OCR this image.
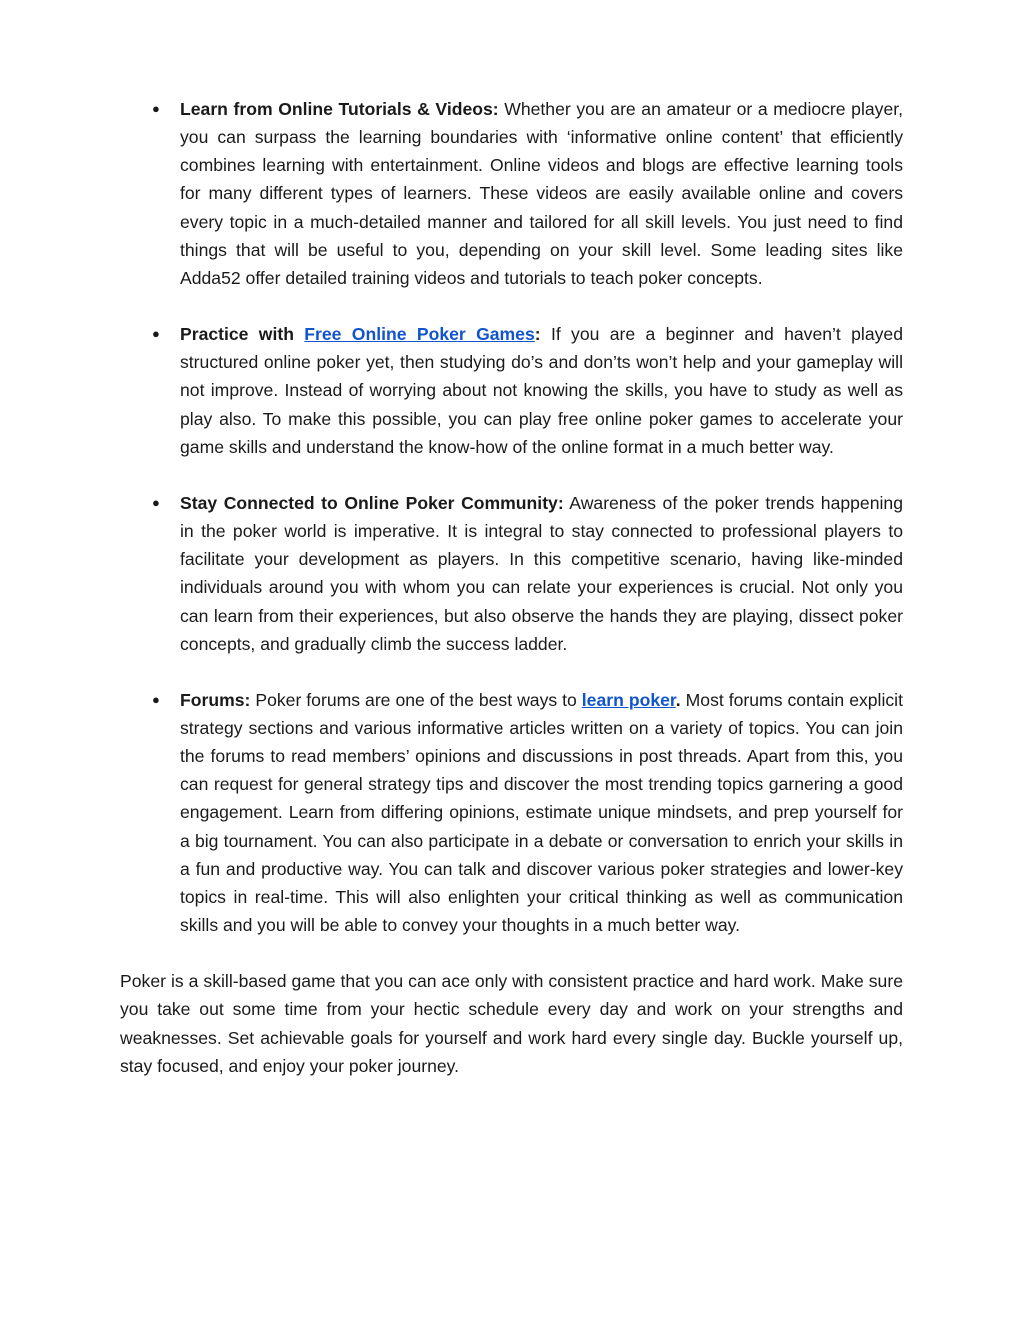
● Learn from Online Tutorials & Videos: Whether you are an amateur or a mediocre player, you can surpass the learning boundaries with ‘informative online content’ that efficiently combines learning with entertainment. Online videos and blogs are effective learning tools for many different types of learners. These videos are easily available online and covers every topic in a much-detailed manner and tailored for all skill levels. You just need to find things that will be useful to you, depending on your skill level. Some leading sites like Adda52 offer detailed training videos and tutorials to teach poker concepts.
● Practice with Free Online Poker Games: If you are a beginner and haven’t played structured online poker yet, then studying do’s and don’ts won’t help and your gameplay will not improve. Instead of worrying about not knowing the skills, you have to study as well as play also. To make this possible, you can play free online poker games to accelerate your game skills and understand the know-how of the online format in a much better way.
● Stay Connected to Online Poker Community: Awareness of the poker trends happening in the poker world is imperative. It is integral to stay connected to professional players to facilitate your development as players. In this competitive scenario, having like-minded individuals around you with whom you can relate your experiences is crucial. Not only you can learn from their experiences, but also observe the hands they are playing, dissect poker concepts, and gradually climb the success ladder.
● Forums: Poker forums are one of the best ways to learn poker. Most forums contain explicit strategy sections and various informative articles written on a variety of topics. You can join the forums to read members’ opinions and discussions in post threads. Apart from this, you can request for general strategy tips and discover the most trending topics garnering a good engagement. Learn from differing opinions, estimate unique mindsets, and prep yourself for a big tournament. You can also participate in a debate or conversation to enrich your skills in a fun and productive way. You can talk and discover various poker strategies and lower-key topics in real-time. This will also enlighten your critical thinking as well as communication skills and you will be able to convey your thoughts in a much better way.

Poker is a skill-based game that you can ace only with consistent practice and hard work. Make sure you take out some time from your hectic schedule every day and work on your strengths and weaknesses. Set achievable goals for yourself and work hard every single day. Buckle yourself up, stay focused, and enjoy your poker journey.
